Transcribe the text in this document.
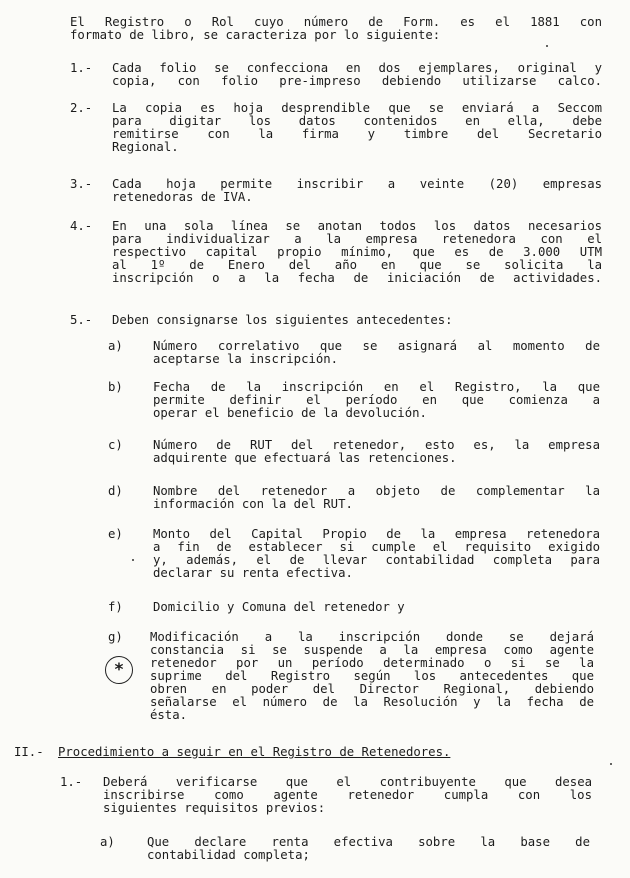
El Registro o Rol cuyo número de Form. es el 1881 con
formato de libro, se caracteriza por lo siguiente:
1.- Cada folio se confecciona en dos ejemplares, original y
copia, con folio pre-impreso debiendo utilizarse calco.
2.- La copia es hoja desprendible que se enviará a Seccom
para digitar los datos contenidos en ella, debe
remitirse con la firma y timbre del Secretario
Regional.
3.- Cada hoja permite inscribir a veinte (20) empresas
retenedoras de IVA.
4.- En una sola línea se anotan todos los datos necesarios
para individualizar a la empresa retenedora con el
respectivo capital propio mínimo, que es de 3.000 UTM
al 1º de Enero del año en que se solicita la
inscripción o a la fecha de iniciación de actividades.
5.- Deben consignarse los siguientes antecedentes:
a) Número correlativo que se asignará al momento de
aceptarse la inscripción.
b) Fecha de la inscripción en el Registro, la que
permite definir el período en que comienza a
operar el beneficio de la devolución.
c) Número de RUT del retenedor, esto es, la empresa
adquirente que efectuará las retenciones.
d) Nombre del retenedor a objeto de complementar la
información con la del RUT.
e) Monto del Capital Propio de la empresa retenedora
a fin de establecer si cumple el requisito exigido
y, además, el de llevar contabilidad completa para
declarar su renta efectiva.
f) Domicilio y Comuna del retenedor y
g) Modificación a la inscripción donde se dejará
constancia si se suspende a la empresa como agente
retenedor por un período determinado o si se la
suprime del Registro según los antecedentes que
obren en poder del Director Regional, debiendo
señalarse el número de la Resolución y la fecha de
ésta.
*
II.- Procedimiento a seguir en el Registro de Retenedores.
1.- Deberá verificarse que el contribuyente que desea
inscribirse como agente retenedor cumpla con los
siguientes requisitos previos:
a)	Que declare renta efectiva sobre la base de
contabilidad completa;
